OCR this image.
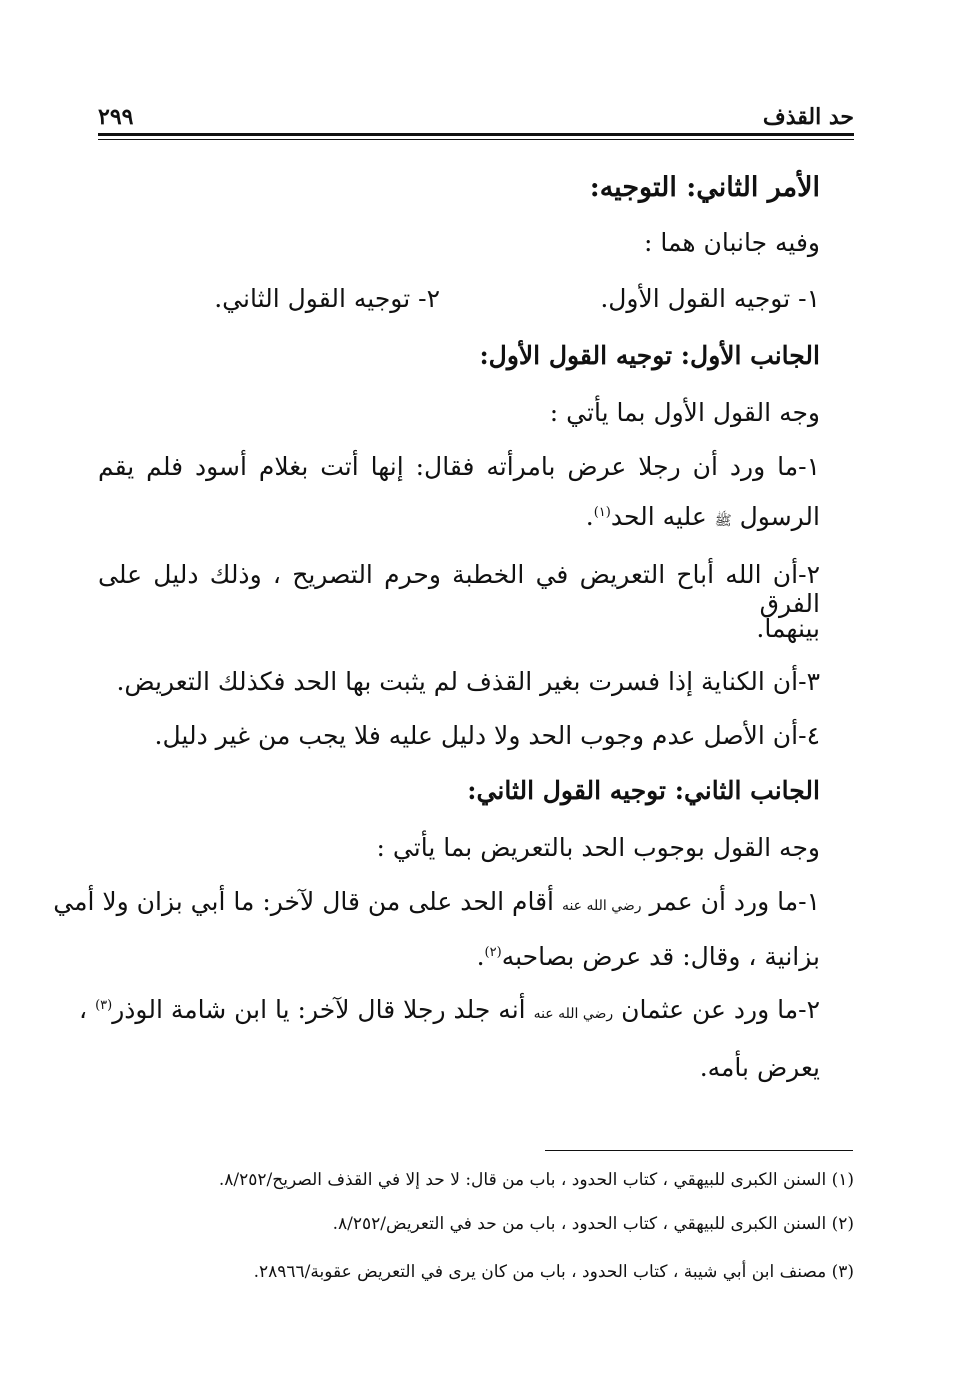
حد القذف
٢٩٩
الأمر الثاني: التوجيه:
وفيه جانبان هما :
١- توجيه القول الأول.
٢- توجيه القول الثاني.
الجانب الأول: توجيه القول الأول:
وجه القول الأول بما يأتي :
١-ما ورد أن رجلا عرض بامرأته فقال: إنها أتت بغلام أسود فلم يقم
الرسول ﷺ عليه الحد$^{(١)}$.
٢-أن الله أباح التعريض في الخطبة وحرم التصريح ، وذلك دليل على الفرق
بينهما.
٣-أن الكناية إذا فسرت بغير القذف لم يثبت بها الحد فكذلك التعريض.
٤-أن الأصل عدم وجوب الحد ولا دليل عليه فلا يجب من غير دليل.
الجانب الثاني: توجيه القول الثاني:
وجه القول بوجوب الحد بالتعريض بما يأتي :
١-ما ورد أن عمر رضي الله عنه أقام الحد على من قال لآخر: ما أبي بزان ولا أمي
بزانية ، وقال: قد عرض بصاحبه$^{(٢)}$.
٢-ما ورد عن عثمان رضي الله عنه أنه جلد رجلا قال لآخر: يا ابن شامة الوذر$^{(٣)}$ ،
يعرض بأمه.
(١) السنن الكبرى للبيهقي ، كتاب الحدود ، باب من قال: لا حد إلا في القذف الصريح/٨/٢٥٢.
(٢) السنن الكبرى للبيهقي ، كتاب الحدود ، باب من حد في التعريض/٨/٢٥٢.
(٣) مصنف ابن أبي شيبة ، كتاب الحدود ، باب من كان يرى في التعريض عقوبة/٢٨٩٦٦.
